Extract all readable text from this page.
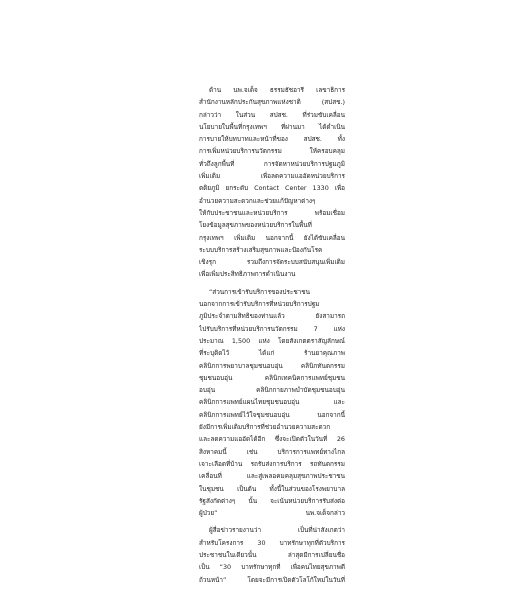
ด้าน นพ.จเด็จ ธรรมธัชอารี เลขาธิการ
สำนักงานหลักประกันสุขภาพแห่งชาติ (สปสช.)
กล่าวว่า ในส่วน สปสช. ที่ร่วมขับเคลื่อน
นโยบายในพื้นที่กรุงเทพฯ ที่ผ่านมา ได้ดำเนิน
การบายให้บทบาทและหน้าที่ของ สปสช. ทั้ง
การเพิ่มหน่วยบริการนวัตกรรม ให้ครอบคลุม
ทั่วถึงลูกพื้นที่ การจัดหาหน่วยบริการปฐมภูมิ
เพิ่มเติม เพื่อลดความแออัดหน่วยบริการ
ตติยภูมิ ยกระดับ Contact Center 1330 เพื่อ
อำนวยความสะดวกและช่วยแก้ปัญหาต่างๆ
ให้กับประชาชนและหน่วยบริการ พร้อมเชื่อม
โยงข้อมูลสุขภาพของหน่วยบริการในพื้นที่
กรุงเทพฯ เพิ่มเติม นอกจากนี้ ยังได้ขับเคลื่อน
ระบบบริการสร้างเสริมสุขภาพและป้องกันโรค
เชิงรุก รวมถึงการจัดระบบสนับสนุนเพิ่มเติม
เพื่อเพิ่มประสิทธิภาพการดำเนินงาน
“ส่วนการเข้ารับบริการของประชาชน
นอกจากการเข้ารับบริการที่หน่วยบริการปฐม
ภูมิประจำตามสิทธิของท่านแล้ว ยังสามารถ
ไปรับบริการที่หน่วยบริการนวัตกรรม 7 แห่ง
ประมาณ 1,500 แห่ง โดยสังเกตตราสัญลักษณ์
ที่ระบุติดไว้ ได้แก่ ร้านยาคุณภาพ
คลินิกการพยาบาลชุมชนอบอุ่น คลินิกทันตกรรม
ชุมชนอบอุ่น คลินิกเทคนิคการแพทย์ชุมชน
อบอุ่น คลินิกกายภาพบำบัดชุมชนอบอุ่น
คลินิกการแพทย์แผนไทยชุมชนอบอุ่น และ
คลินิกการแพทย์ไว้ใจชุมชนอบอุ่น นอกจากนี้
ยังมีการเพิ่มเติมบริการที่ช่วยอำนวยความสะดวก
และลดความแออัดได้อีก ซึ่งจะเปิดตัวในวันที่ 26
สิงหาคมนี้ เช่น บริการการแพทย์ทางไกล
เจาะเลือดที่บ้าน รถรับส่งการบริการ รถทันตกรรม
เคลื่อนที่ และสู่เพลอคมคลุมสุขภาพประชาชน
ในชุมชน เป็นต้น ทั้งนี้ในส่วนของโรงพยาบาล
รัฐสังกัดต่างๆ นั้น จะเน้นหน่วยบริการรับส่งต่อ
ผู้ป่วย” นพ.จเด็จกล่าว
ผู้สื่อข่าวรายงานว่า เป็นที่น่าสังเกตว่า
สำหรับโครงการ 30 บาทรักษาทุกที่ตัวบริการ
ประชาชนในเดียวนั้น ล่าสุดมีการเปลี่ยนชื่อ
เป็น “30 บาทรักษาทุกที่ เพื่อคนไทยสุขภาพดี
ถ้วนหน้า” โดยจะมีการเปิดตัวโลโก้ใหม่ในวันที่
